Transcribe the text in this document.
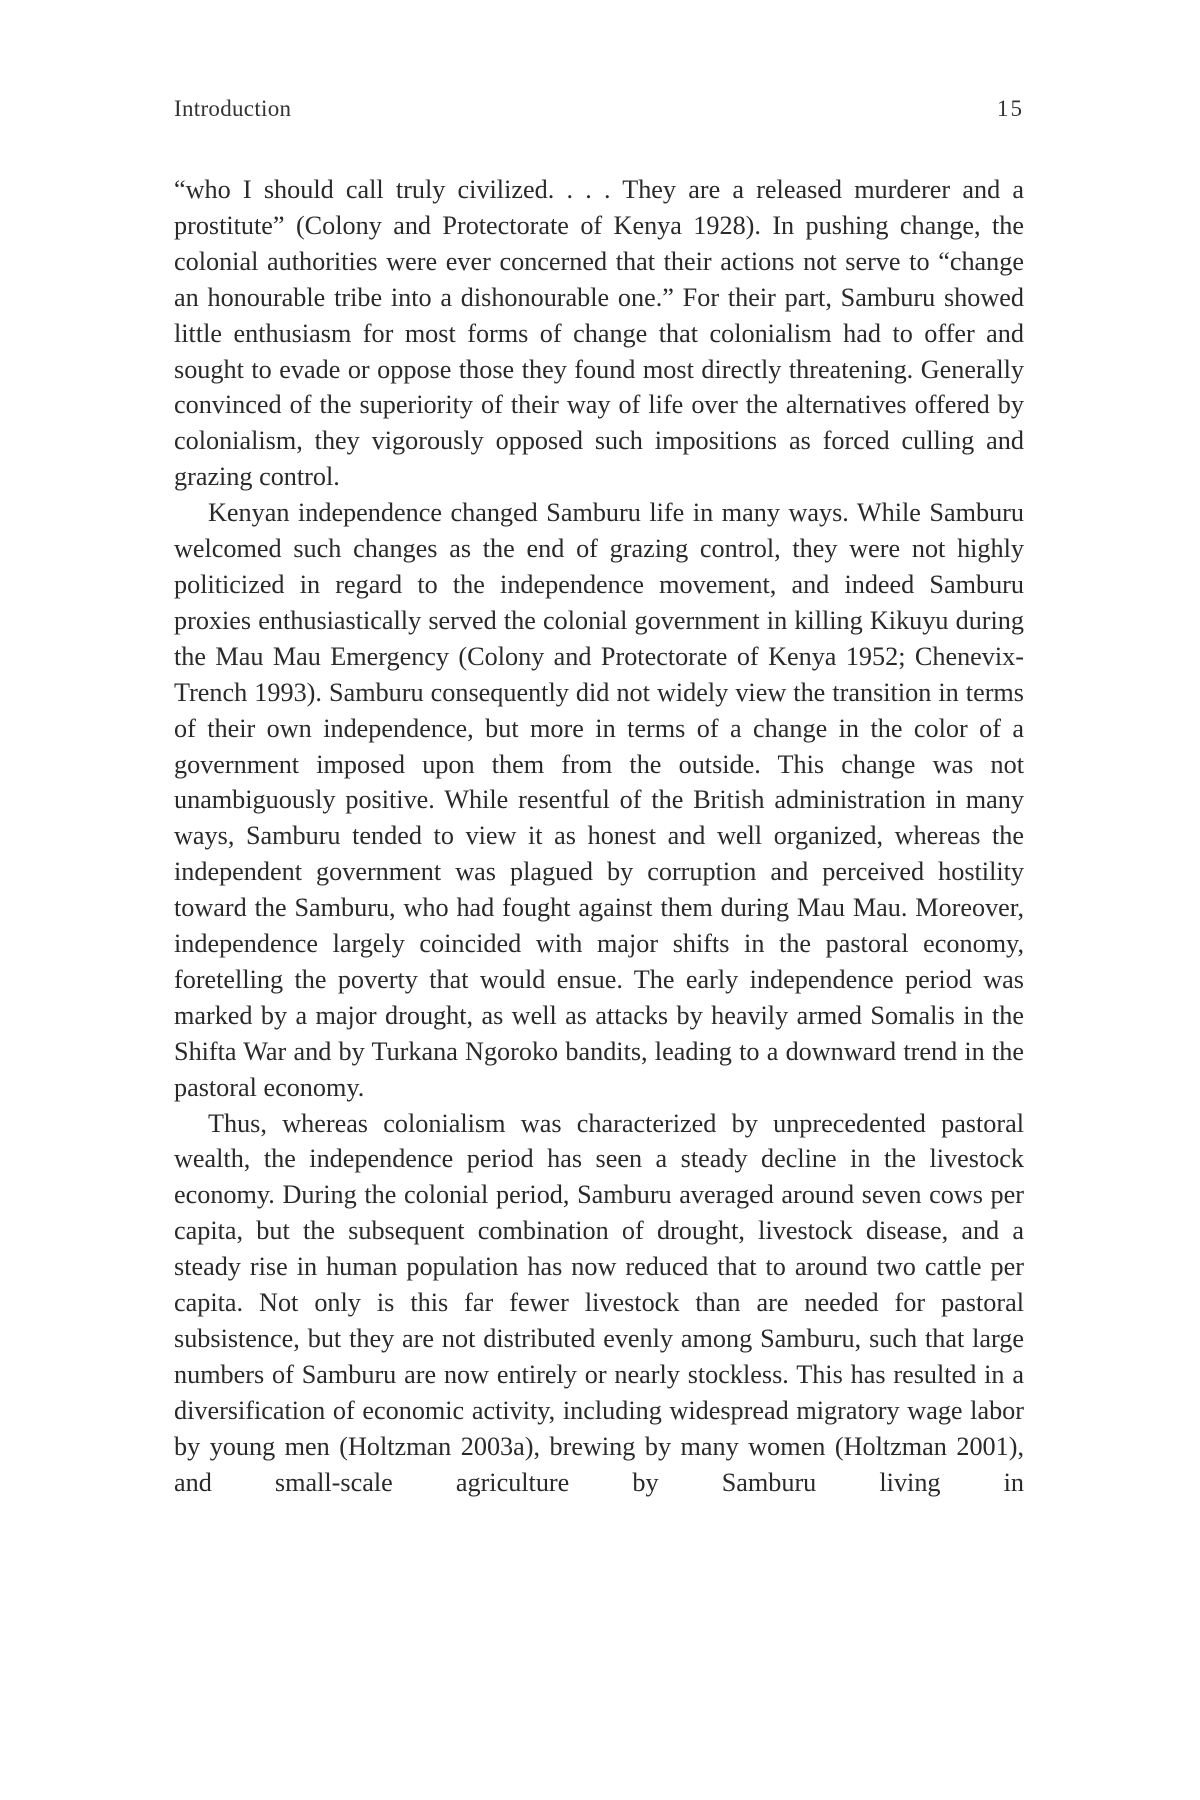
Introduction	15

“who I should call truly civilized. . . . They are a released murderer and a prostitute” (Colony and Protectorate of Kenya 1928). In pushing change, the colonial authorities were ever concerned that their actions not serve to “change an honourable tribe into a dishonourable one.” For their part, Samburu showed little enthusiasm for most forms of change that colonialism had to offer and sought to evade or oppose those they found most directly threatening. Generally convinced of the superiority of their way of life over the alternatives offered by colonialism, they vigorously opposed such impositions as forced culling and grazing control.

Kenyan independence changed Samburu life in many ways. While Samburu welcomed such changes as the end of grazing control, they were not highly politicized in regard to the independence movement, and indeed Samburu proxies enthusiastically served the colonial government in killing Kikuyu during the Mau Mau Emergency (Colony and Protectorate of Kenya 1952; Chenevix-Trench 1993). Samburu consequently did not widely view the transition in terms of their own independence, but more in terms of a change in the color of a government imposed upon them from the outside. This change was not unambiguously positive. While resentful of the British administration in many ways, Samburu tended to view it as honest and well organized, whereas the independent government was plagued by corruption and perceived hostility toward the Samburu, who had fought against them during Mau Mau. Moreover, independence largely coincided with major shifts in the pastoral economy, foretelling the poverty that would ensue. The early independence period was marked by a major drought, as well as attacks by heavily armed Somalis in the Shifta War and by Turkana Ngoroko bandits, leading to a downward trend in the pastoral economy.

Thus, whereas colonialism was characterized by unprecedented pastoral wealth, the independence period has seen a steady decline in the livestock economy. During the colonial period, Samburu averaged around seven cows per capita, but the subsequent combination of drought, livestock disease, and a steady rise in human population has now reduced that to around two cattle per capita. Not only is this far fewer livestock than are needed for pastoral subsistence, but they are not distributed evenly among Samburu, such that large numbers of Samburu are now entirely or nearly stockless. This has resulted in a diversification of economic activity, including widespread migratory wage labor by young men (Holtzman 2003a), brewing by many women (Holtzman 2001), and small-scale agriculture by Samburu living in
